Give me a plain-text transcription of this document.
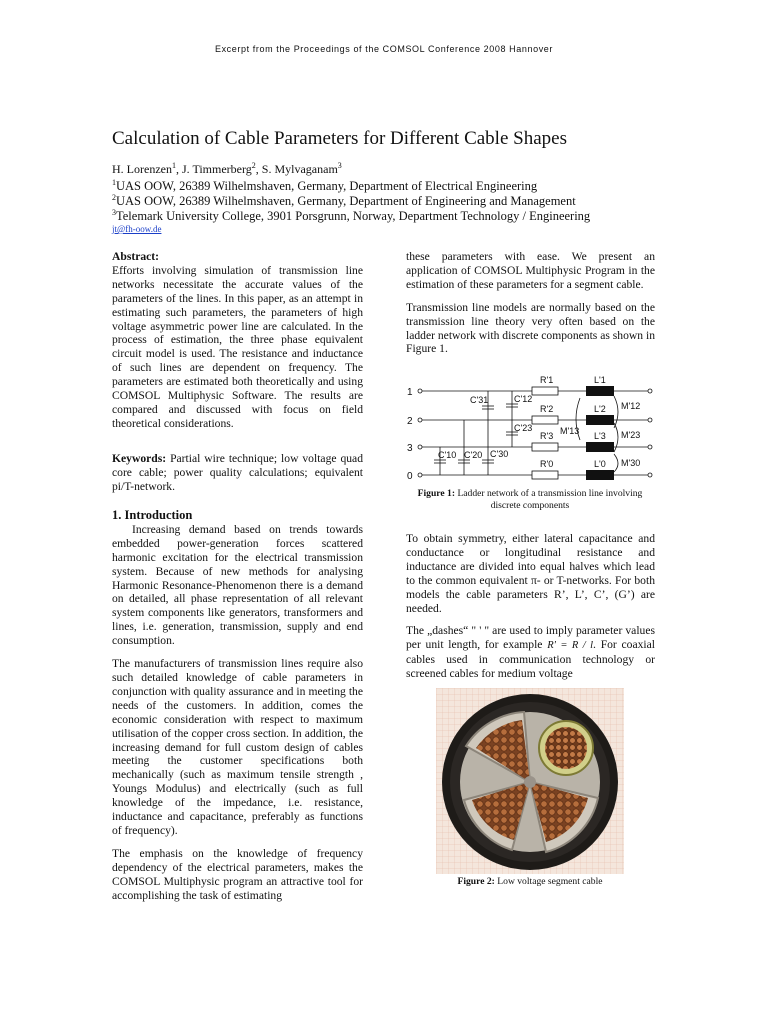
Excerpt from the Proceedings of the COMSOL Conference 2008 Hannover
Calculation of Cable Parameters for Different Cable Shapes
H. Lorenzen$^1$, J. Timmerberg$^2$, S. Mylvaganam$^3$
$^1$UAS OOW, 26389 Wilhelmshaven, Germany, Department of Electrical Engineering
$^2$UAS OOW, 26389 Wilhelmshaven, Germany, Department of Engineering and Management
$^3$Telemark University College, 3901 Porsgrunn, Norway, Department Technology / Engineering
jt@fh-oow.de

Abstract:

Efforts involving simulation of transmission line networks necessitate the accurate values of the parameters of the lines. In this paper, as an attempt in estimating such parameters, the parameters of high voltage asymmetric power line are calculated. In the process of estimation, the three phase equivalent circuit model is used. The resistance and inductance of such lines are dependent on frequency. The parameters are estimated both theoretically and using COMSOL Multiphysic Software. The results are compared and discussed with focus on field theoretical considerations.

Keywords: Partial wire technique; low voltage quad core cable; power quality calculations; equivalent pi/T-network.

1. Introduction

Increasing demand based on trends towards embedded power-generation forces scattered harmonic excitation for the electrical transmission system. Because of new methods for analysing Harmonic Resonance-Phenomenon there is a demand on detailed, all phase representation of all relevant system components like generators, transformers and lines, i.e. generation, transmission, supply and end consumption.

The manufacturers of transmission lines require also such detailed knowledge of cable parameters in conjunction with quality assurance and in meeting the needs of the customers. In addition, comes the economic consideration with respect to maximum utilisation of the copper cross section. In addition, the increasing demand for full custom design of cables meeting the customer specifications both mechanically (such as maximum tensile strength , Youngs Modulus) and electrically (such as full knowledge of the impedance, i.e. resistance, inductance and capacitance, preferably as functions of frequency).

The emphasis on the knowledge of frequency dependency of the electrical parameters, makes the COMSOL Multiphysic program an attractive tool for accomplishing the task of estimating

these parameters with ease. We present an application of COMSOL Multiphysic Program in the estimation of these parameters for a segment cable.

Transmission line models are normally based on the transmission line theory very often based on the ladder network with discrete components as shown in Figure 1.

1
2
3
0
R'1
R'2
R'3
R'0
L'1
L'2
L'3
L'0
C'31	C'12
C'23
C'10 C'20 C'30
M'12
M'13	M'23
M'30
Figure 1: Ladder network of a transmission line involving discrete components

To obtain symmetry, either lateral capacitance and conductance or longitudinal resistance and inductance are divided into equal halves which lead to the common equivalent π- or T-networks. For both models the cable parameters R’, L’, C’, (G’) are needed.

The „dashes“ " ' " are used to imply parameter values per unit length, for example R' = R / l. For coaxial cables used in communication technology or screened cables for medium voltage

Figure 2: Low voltage segment cable
